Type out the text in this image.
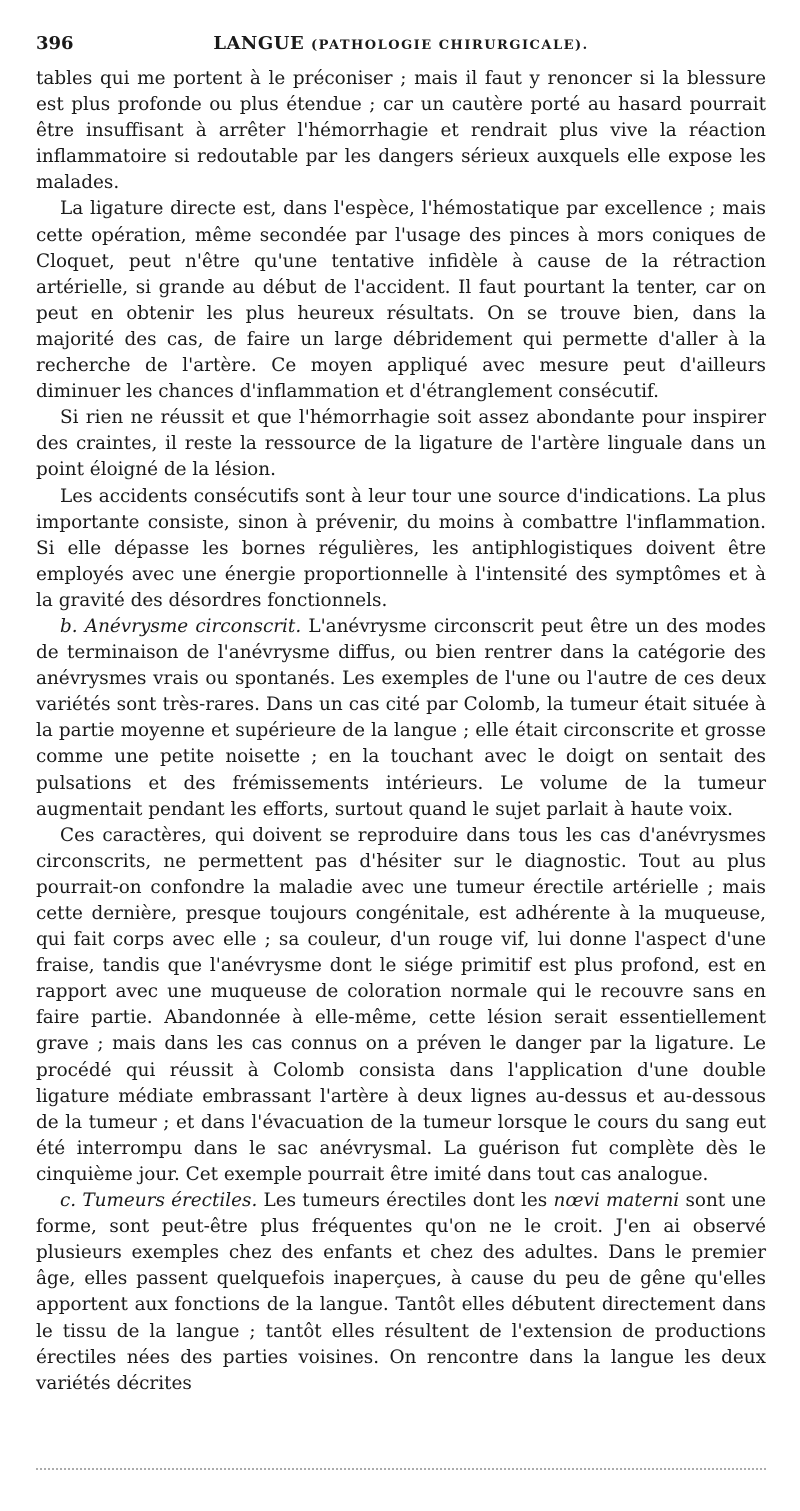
396	LANGUE (PATHOLOGIE CHIRURGICALE).

tables qui me portent à le préconiser ; mais il faut y renoncer si la blessure est plus profonde ou plus étendue ; car un cautère porté au hasard pourrait être insuffisant à arrêter l'hémorrhagie et rendrait plus vive la réaction inflammatoire si redoutable par les dangers sérieux auxquels elle expose les malades.

La ligature directe est, dans l'espèce, l'hémostatique par excellence ; mais cette opération, même secondée par l'usage des pinces à mors coniques de Cloquet, peut n'être qu'une tentative infidèle à cause de la rétraction artérielle, si grande au début de l'accident. Il faut pourtant la tenter, car on peut en obtenir les plus heureux résultats. On se trouve bien, dans la majorité des cas, de faire un large débridement qui permette d'aller à la recherche de l'artère. Ce moyen appliqué avec mesure peut d'ailleurs diminuer les chances d'inflammation et d'étranglement consécutif.

Si rien ne réussit et que l'hémorrhagie soit assez abondante pour inspirer des craintes, il reste la ressource de la ligature de l'artère linguale dans un point éloigné de la lésion.

Les accidents consécutifs sont à leur tour une source d'indications. La plus importante consiste, sinon à prévenir, du moins à combattre l'inflammation. Si elle dépasse les bornes régulières, les antiphlogistiques doivent être employés avec une énergie proportionnelle à l'intensité des symptômes et à la gravité des désordres fonctionnels.

b. Anévrysme circonscrit. L'anévrysme circonscrit peut être un des modes de terminaison de l'anévrysme diffus, ou bien rentrer dans la catégorie des anévrysmes vrais ou spontanés. Les exemples de l'une ou l'autre de ces deux variétés sont très-rares. Dans un cas cité par Colomb, la tumeur était située à la partie moyenne et supérieure de la langue ; elle était circonscrite et grosse comme une petite noisette ; en la touchant avec le doigt on sentait des pulsations et des frémissements intérieurs. Le volume de la tumeur augmentait pendant les efforts, surtout quand le sujet parlait à haute voix.

Ces caractères, qui doivent se reproduire dans tous les cas d'anévrysmes circonscrits, ne permettent pas d'hésiter sur le diagnostic. Tout au plus pourrait-on confondre la maladie avec une tumeur érectile artérielle ; mais cette dernière, presque toujours congénitale, est adhérente à la muqueuse, qui fait corps avec elle ; sa couleur, d'un rouge vif, lui donne l'aspect d'une fraise, tandis que l'anévrysme dont le siége primitif est plus profond, est en rapport avec une muqueuse de coloration normale qui le recouvre sans en faire partie. Abandonnée à elle-même, cette lésion serait essentiellement grave ; mais dans les cas connus on a préven le danger par la ligature. Le procédé qui réussit à Colomb consista dans l'application d'une double ligature médiate embrassant l'artère à deux lignes au-dessus et au-dessous de la tumeur ; et dans l'évacuation de la tumeur lorsque le cours du sang eut été interrompu dans le sac anévrysmal. La guérison fut complète dès le cinquième jour. Cet exemple pourrait être imité dans tout cas analogue.

c. Tumeurs érectiles. Les tumeurs érectiles dont les nœvi materni sont une forme, sont peut-être plus fréquentes qu'on ne le croit. J'en ai observé plusieurs exemples chez des enfants et chez des adultes. Dans le premier âge, elles passent quelquefois inaperçues, à cause du peu de gêne qu'elles apportent aux fonctions de la langue. Tantôt elles débutent directement dans le tissu de la langue ; tantôt elles résultent de l'extension de productions érectiles nées des parties voisines. On rencontre dans la langue les deux variétés décrites
